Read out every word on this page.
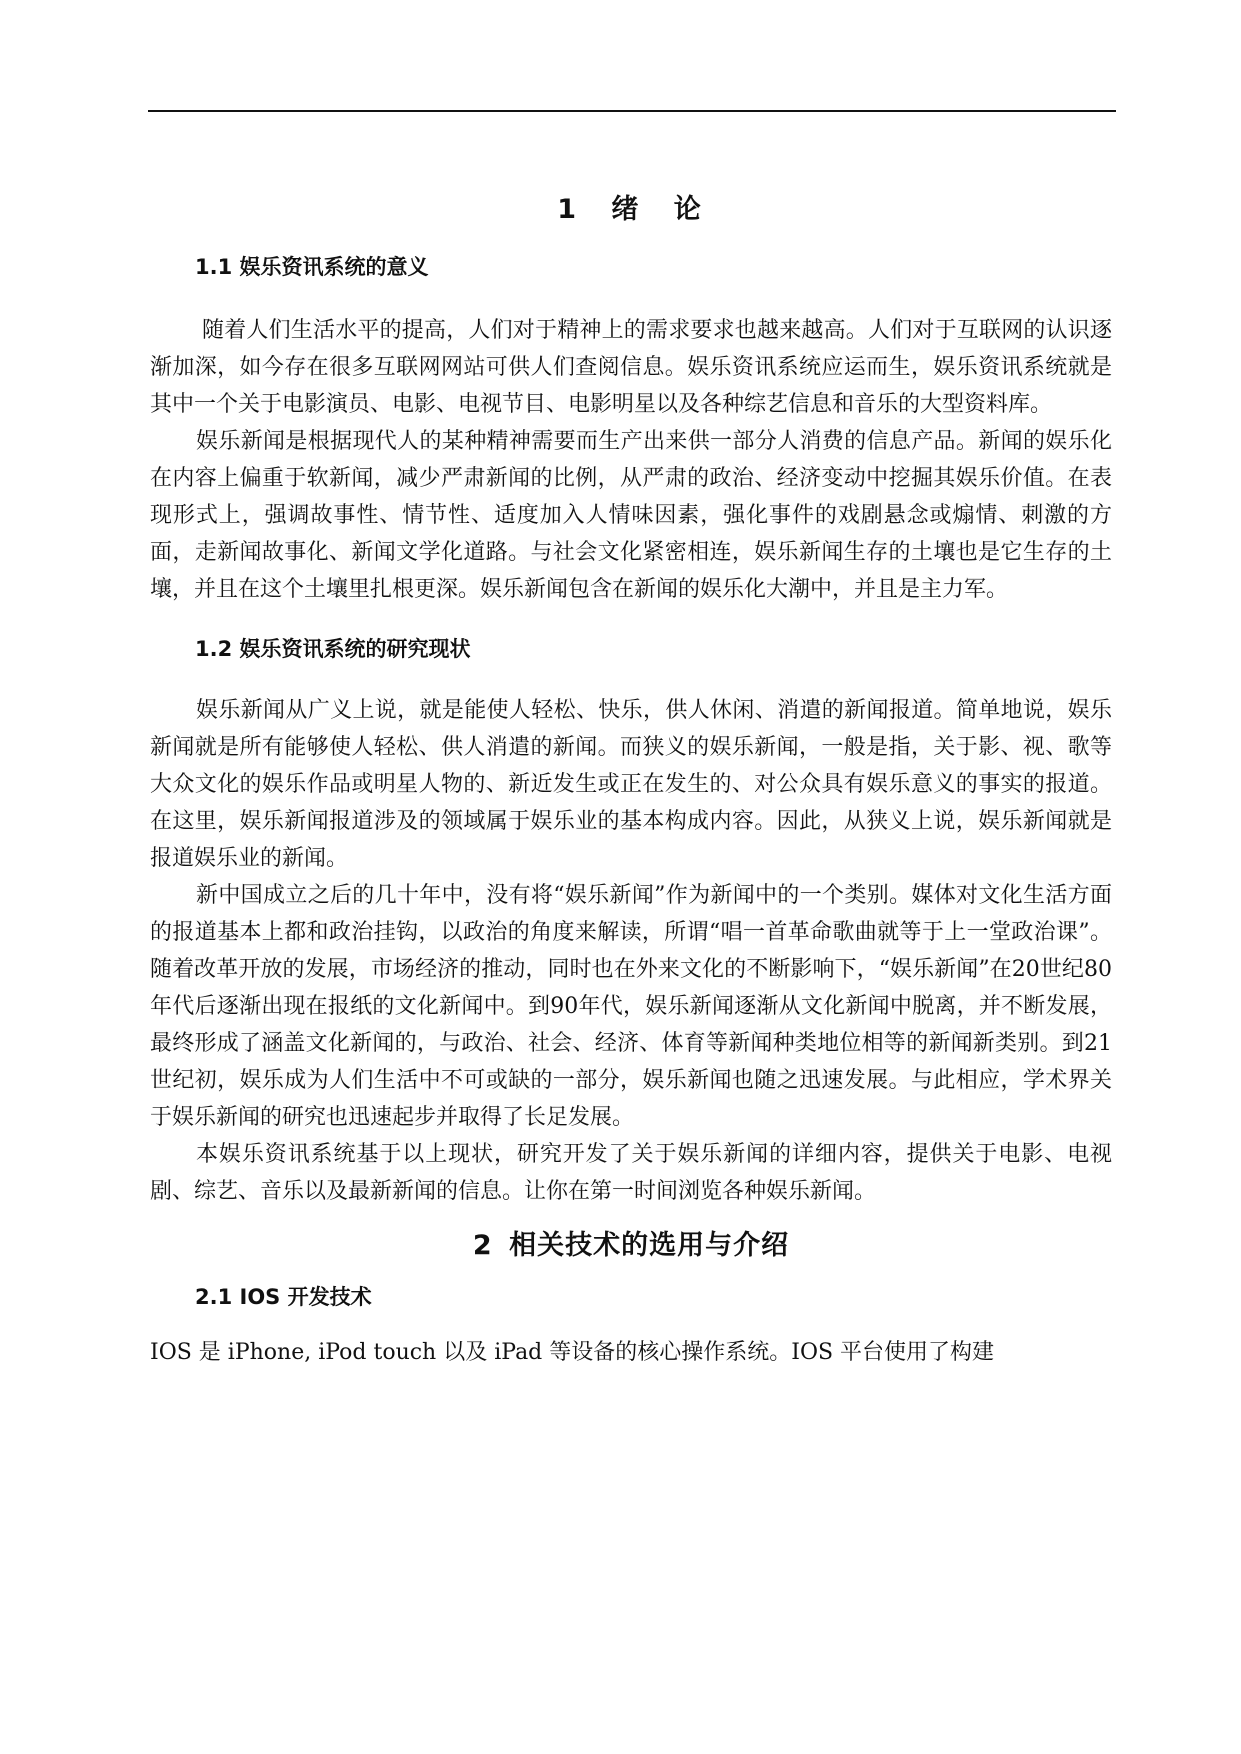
1 绪 论
1.1 娱乐资讯系统的意义

随着人们生活水平的提高，人们对于精神上的需求要求也越来越高。人们对于互联网的认识逐渐加深，如今存在很多互联网网站可供人们查阅信息。娱乐资讯系统应运而生，娱乐资讯系统就是其中一个关于电影演员、电影、电视节目、电影明星以及各种综艺信息和音乐的大型资料库。

娱乐新闻是根据现代人的某种精神需要而生产出来供一部分人消费的信息产品。新闻的娱乐化在内容上偏重于软新闻，减少严肃新闻的比例，从严肃的政治、经济变动中挖掘其娱乐价值。在表现形式上，强调故事性、情节性、适度加入人情味因素，强化事件的戏剧悬念或煽情、刺激的方面，走新闻故事化、新闻文学化道路。与社会文化紧密相连，娱乐新闻生存的土壤也是它生存的土壤，并且在这个土壤里扎根更深。娱乐新闻包含在新闻的娱乐化大潮中，并且是主力军。

1.2 娱乐资讯系统的研究现状

娱乐新闻从广义上说，就是能使人轻松、快乐，供人休闲、消遣的新闻报道。简单地说，娱乐新闻就是所有能够使人轻松、供人消遣的新闻。而狭义的娱乐新闻，一般是指，关于影、视、歌等大众文化的娱乐作品或明星人物的、新近发生或正在发生的、对公众具有娱乐意义的事实的报道。在这里，娱乐新闻报道涉及的领域属于娱乐业的基本构成内容。因此，从狭义上说，娱乐新闻就是报道娱乐业的新闻。

新中国成立之后的几十年中，没有将“娱乐新闻”作为新闻中的一个类别。媒体对文化生活方面的报道基本上都和政治挂钩，以政治的角度来解读，所谓“唱一首革命歌曲就等于上一堂政治课”。随着改革开放的发展，市场经济的推动，同时也在外来文化的不断影响下，“娱乐新闻”在20世纪80年代后逐渐出现在报纸的文化新闻中。到90年代，娱乐新闻逐渐从文化新闻中脱离，并不断发展，最终形成了涵盖文化新闻的，与政治、社会、经济、体育等新闻种类地位相等的新闻新类别。到21世纪初，娱乐成为人们生活中不可或缺的一部分，娱乐新闻也随之迅速发展。与此相应，学术界关于娱乐新闻的研究也迅速起步并取得了长足发展。

本娱乐资讯系统基于以上现状，研究开发了关于娱乐新闻的详细内容，提供关于电影、电视剧、综艺、音乐以及最新新闻的信息。让你在第一时间浏览各种娱乐新闻。

2 相关技术的选用与介绍
2.1 IOS 开发技术

IOS 是 iPhone, iPod touch 以及 iPad 等设备的核心操作系统。IOS 平台使用了构建
